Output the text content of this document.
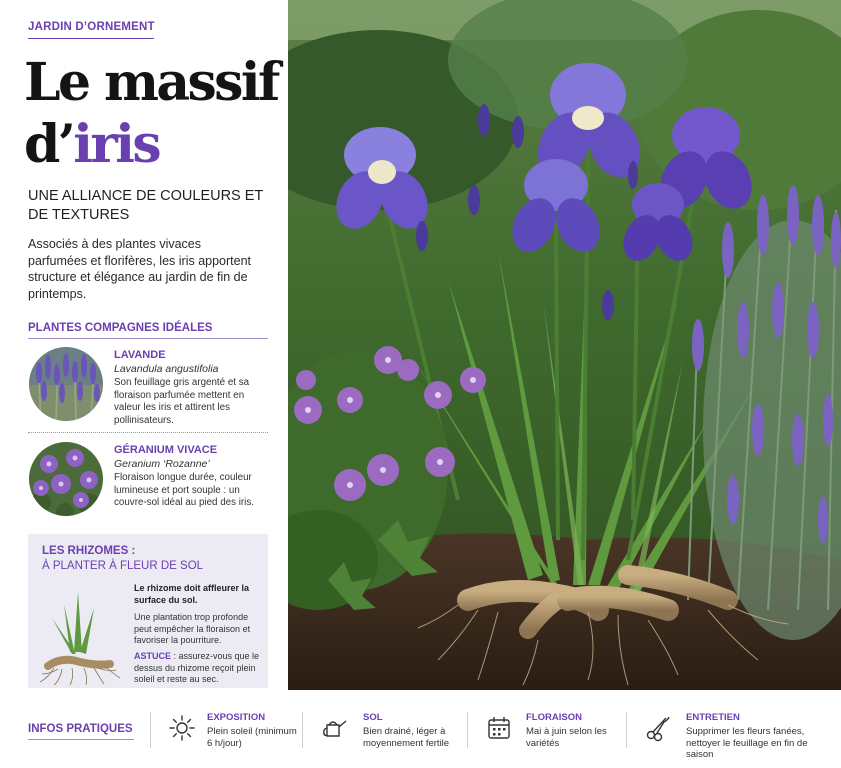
JARDIN D’ORNEMENT
Le massif
d’iris
UNE ALLIANCE DE COULEURS ET DE TEXTURES

Associés à des plantes vivaces parfumées et florifères, les iris apportent structure et élégance au jardin de fin de printemps.

PLANTES COMPAGNES IDÉALES
LAVANDE
Lavandula angustifolia

Son feuillage gris argenté et sa floraison parfumée mettent en valeur les iris et attirent les pollinisateurs.

GÉRANIUM VIVACE
Geranium ‘Rozanne’

Floraison longue durée, couleur lumineuse et port souple : un couvre-sol idéal au pied des iris.

LES RHIZOMES :
À PLANTER À FLEUR DE SOL

Le rhizome doit affleurer la surface du sol.

Une plantation trop profonde peut empêcher la floraison et favoriser la pourriture.

ASTUCE : assurez-vous que le dessus du rhizome reçoit plein soleil et reste au sec.

INFOS PRATIQUES
EXPOSITION

Plein soleil (minimum 6 h/jour)

SOL

Bien drainé, léger à moyennement fertile

FLORAISON

Mai à juin selon les variétés

ENTRETIEN

Supprimer les fleurs fanées, nettoyer le feuillage en fin de saison
